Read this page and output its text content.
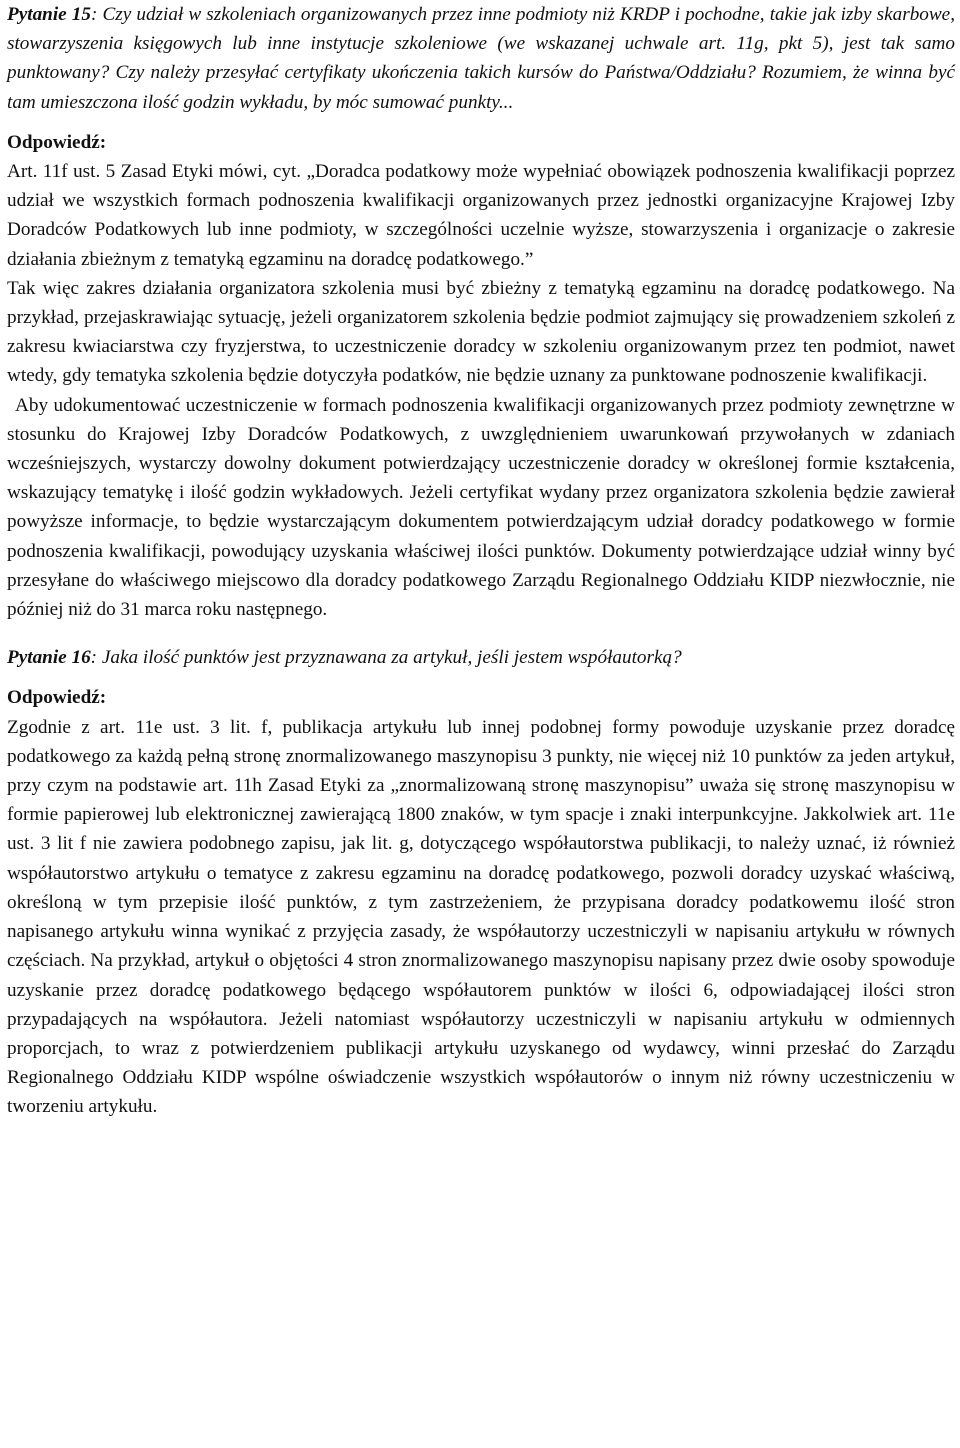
Pytanie 15: Czy udział w szkoleniach organizowanych przez inne podmioty niż KRDP i pochodne, takie jak izby skarbowe, stowarzyszenia księgowych lub inne instytucje szkoleniowe (we wskazanej uchwale art. 11g, pkt 5), jest tak samo punktowany? Czy należy przesyłać certyfikaty ukończenia takich kursów do Państwa/Oddziału? Rozumiem, że winna być tam umieszczona ilość godzin wykładu, by móc sumować punkty...

Odpowiedź:

Art. 11f ust. 5 Zasad Etyki mówi, cyt. „Doradca podatkowy może wypełniać obowiązek podnoszenia kwalifikacji poprzez udział we wszystkich formach podnoszenia kwalifikacji organizowanych przez jednostki organizacyjne Krajowej Izby Doradców Podatkowych lub inne podmioty, w szczególności uczelnie wyższe, stowarzyszenia i organizacje o zakresie działania zbieżnym z tematyką egzaminu na doradcę podatkowego.”

Tak więc zakres działania organizatora szkolenia musi być zbieżny z tematyką egzaminu na doradcę podatkowego. Na przykład, przejaskrawiając sytuację, jeżeli organizatorem szkolenia będzie podmiot zajmujący się prowadzeniem szkoleń z zakresu kwiaciarstwa czy fryzjerstwa, to uczestniczenie doradcy w szkoleniu organizowanym przez ten podmiot, nawet wtedy, gdy tematyka szkolenia będzie dotyczyła podatków, nie będzie uznany za punktowane podnoszenie kwalifikacji.

Aby udokumentować uczestniczenie w formach podnoszenia kwalifikacji organizowanych przez podmioty zewnętrzne w stosunku do Krajowej Izby Doradców Podatkowych, z uwzględnieniem uwarunkowań przywołanych w zdaniach wcześniejszych, wystarczy dowolny dokument potwierdzający uczestniczenie doradcy w określonej formie kształcenia, wskazujący tematykę i ilość godzin wykładowych. Jeżeli certyfikat wydany przez organizatora szkolenia będzie zawierał powyższe informacje, to będzie wystarczającym dokumentem potwierdzającym udział doradcy podatkowego w formie podnoszenia kwalifikacji, powodujący uzyskania właściwej ilości punktów. Dokumenty potwierdzające udział winny być przesyłane do właściwego miejscowo dla doradcy podatkowego Zarządu Regionalnego Oddziału KIDP niezwłocznie, nie później niż do 31 marca roku następnego.

Pytanie 16: Jaka ilość punktów jest przyznawana za artykuł, jeśli jestem współautorką?

Odpowiedź:

Zgodnie z art. 11e ust. 3 lit. f, publikacja artykułu lub innej podobnej formy powoduje uzyskanie przez doradcę podatkowego za każdą pełną stronę znormalizowanego maszynopisu 3 punkty, nie więcej niż 10 punktów za jeden artykuł, przy czym na podstawie art. 11h Zasad Etyki za „znormalizowaną stronę maszynopisu” uważa się stronę maszynopisu w formie papierowej lub elektronicznej zawierającą 1800 znaków, w tym spacje i znaki interpunkcyjne. Jakkolwiek art. 11e ust. 3 lit f nie zawiera podobnego zapisu, jak lit. g, dotyczącego współautorstwa publikacji, to należy uznać, iż również współautorstwo artykułu o tematyce z zakresu egzaminu na doradcę podatkowego, pozwoli doradcy uzyskać właściwą, określoną w tym przepisie ilość punktów, z tym zastrzeżeniem, że przypisana doradcy podatkowemu ilość stron napisanego artykułu winna wynikać z przyjęcia zasady, że współautorzy uczestniczyli w napisaniu artykułu w równych częściach. Na przykład, artykuł o objętości 4 stron znormalizowanego maszynopisu napisany przez dwie osoby spowoduje uzyskanie przez doradcę podatkowego będącego współautorem punktów w ilości 6, odpowiadającej ilości stron przypadających na współautora. Jeżeli natomiast współautorzy uczestniczyli w napisaniu artykułu w odmiennych proporcjach, to wraz z potwierdzeniem publikacji artykułu uzyskanego od wydawcy, winni przesłać do Zarządu Regionalnego Oddziału KIDP wspólne oświadczenie wszystkich współautorów o innym niż równy uczestniczeniu w tworzeniu artykułu.
